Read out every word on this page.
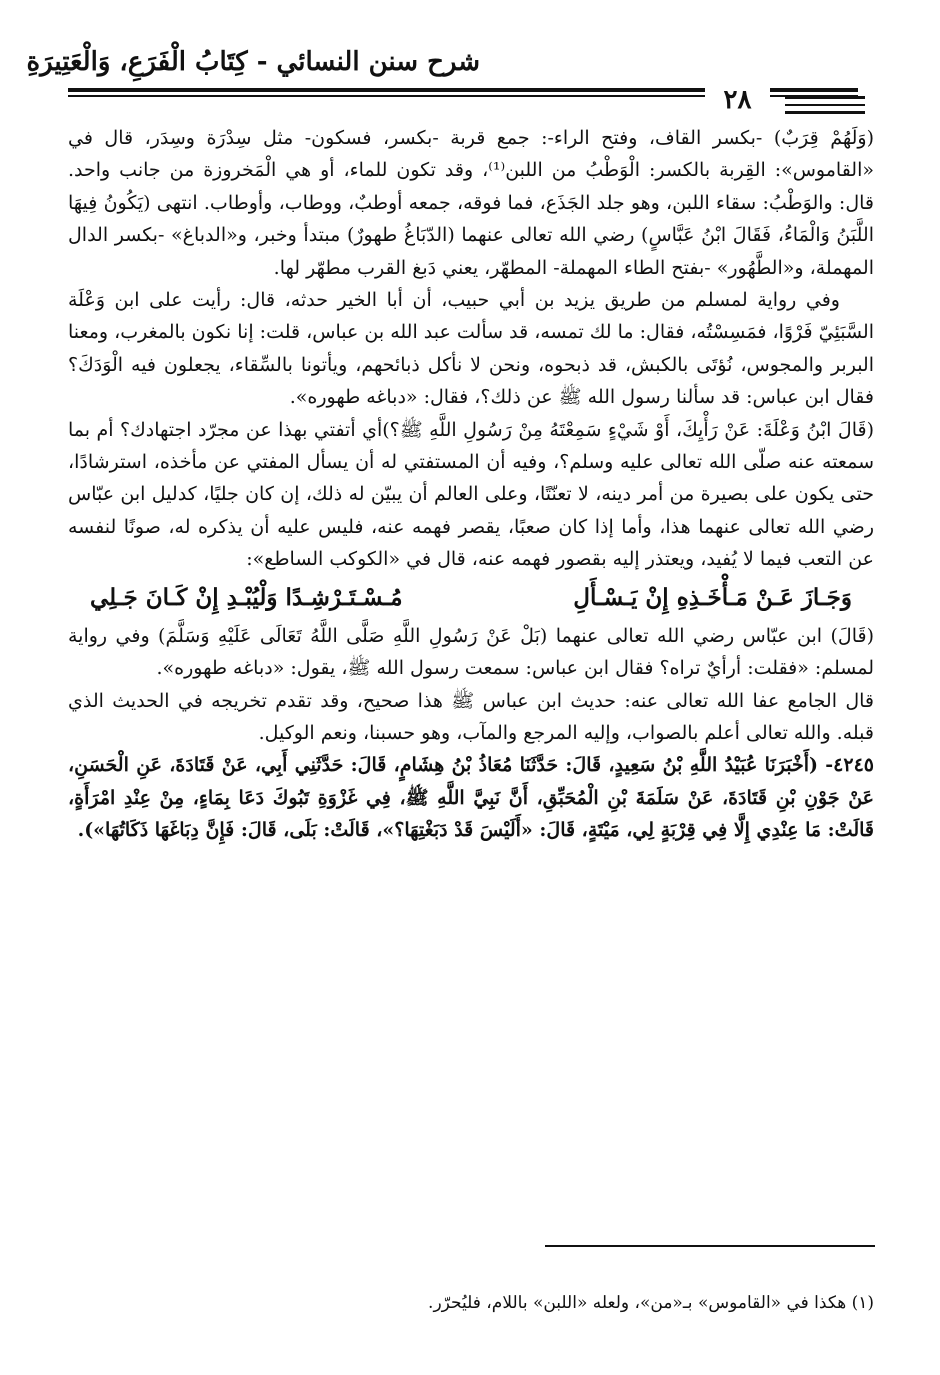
شرح سنن النسائي - كِتَابُ الْفَرَعِ، وَالْعَتِيرَةِ
٢٨

(وَلَهُمْ قِرَبٌ) -بكسر القاف، وفتح الراء-: جمع قربة -بكسر، فسكون- مثل سِدْرَة وسِدَر، قال في «القاموس»: القِربة بالكسر: الْوَطْبُ من اللبن⁽¹⁾، وقد تكون للماء، أو هي الْمَخروزة من جانب واحد. قال: والوَطْبُ: سقاء اللبن، وهو جلد الجَذَع، فما فوقه، جمعه أوطبٌ، ووطاب، وأوطاب. انتهى (يَكُونُ فِيهَا اللَّبَنُ وَالْمَاءُ، فَقَالَ ابْنُ عَبَّاسٍ) رضي الله تعالى عنهما (الدّبَاغُ طهورٌ) مبتدأ وخبر، و«الدباغ» -بكسر الدال المهملة، و«الطَّهُور» -بفتح الطاء المهملة- المطهّر، يعني دَبغ القرب مطهّر لها.

وفي رواية لمسلم من طريق يزيد بن أبي حبيب، أن أبا الخير حدثه، قال: رأيت على ابن وَعْلَة السَّبَئِيّ فَرْوًا، فمَسِسْتُه، فقال: ما لك تمسه، قد سألت عبد الله بن عباس، قلت: إنا نكون بالمغرب، ومعنا البربر والمجوس، نُؤتَى بالكبش، قد ذبحوه، ونحن لا نأكل ذبائحهم، ويأتونا بالسِّقاء، يجعلون فيه الْوَدَكَ؟ فقال ابن عباس: قد سألنا رسول الله ﷺ عن ذلك؟، فقال: «دباغه طهوره».

(قَالَ ابْنُ وَعْلَةَ: عَنْ رَأْيِكَ، أَوْ شَيْءٍ سَمِعْتَهُ مِنْ رَسُولِ اللَّهِ ﷺ؟)أي أتفتي بهذا عن مجرّد اجتهادك؟ أم بما سمعته عنه صلّى الله تعالى عليه وسلم؟، وفيه أن المستفتي له أن يسأل المفتي عن مأخذه، استرشادًا، حتى يكون على بصيرة من أمر دينه، لا تعنّتًا، وعلى العالم أن يبيّن له ذلك، إن كان جليًا، كدليل ابن عبّاس رضي الله تعالى عنهما هذا، وأما إذا كان صعبًا، يقصر فهمه عنه، فليس عليه أن يذكره له، صونًا لنفسه عن التعب فيما لا يُفيد، ويعتذر إليه بقصور فهمه عنه، قال في «الكوكب الساطع»:

وَجَـازَ عَـنْ مَـأْخَـذِهِ إِنْ يَـسْـأَلِ
مُـسْـتَـرْشِـدًا وَلْيُبْـدِ إِنْ كَـانَ جَـلِي

(قَالَ) ابن عبّاس رضي الله تعالى عنهما (بَلْ عَنْ رَسُولِ اللَّهِ صَلَّى اللَّهُ تَعَالَى عَلَيْهِ وَسَلَّمَ) وفي رواية لمسلم: «فقلت: أرأيٌ تراه؟ فقال ابن عباس: سمعت رسول الله ﷺ، يقول: «دباغه طهوره».

قال الجامع عفا الله تعالى عنه: حديث ابن عباس ﷺ هذا صحيح، وقد تقدم تخريجه في الحديث الذي قبله. والله تعالى أعلم بالصواب، وإليه المرجع والمآب، وهو حسبنا، ونعم الوكيل.

٤٢٤٥- (أَخْبَرَنَا عُبَيْدُ اللَّهِ بْنُ سَعِيدٍ، قَالَ: حَدَّثَنَا مُعَاذُ بْنُ هِشَامٍ، قَالَ: حَدَّثَنِي أَبِي، عَنْ قَتَادَةَ، عَنِ الْحَسَنِ، عَنْ جَوْنِ بْنِ قَتَادَةَ، عَنْ سَلَمَةَ بْنِ الْمُحَبِّقِ، أَنَّ نَبِيَّ اللَّهِ ﷺ، فِي غَزْوَةِ تَبُوكَ دَعَا بِمَاءٍ، مِنْ عِنْدِ امْرَأَةٍ، قَالَتْ: مَا عِنْدِي إِلَّا فِي قِرْبَةٍ لِي، مَيْتَةٍ، قَالَ: «أَلَيْسَ قَدْ دَبَغْتِهَا؟»، قَالَتْ: بَلَى، قَالَ: فَإِنَّ دِبَاغَهَا ذَكَاتُهَا»).

(١) هكذا في «القاموس» بـ«من»، ولعله «اللبن» باللام، فليُحرّر.
